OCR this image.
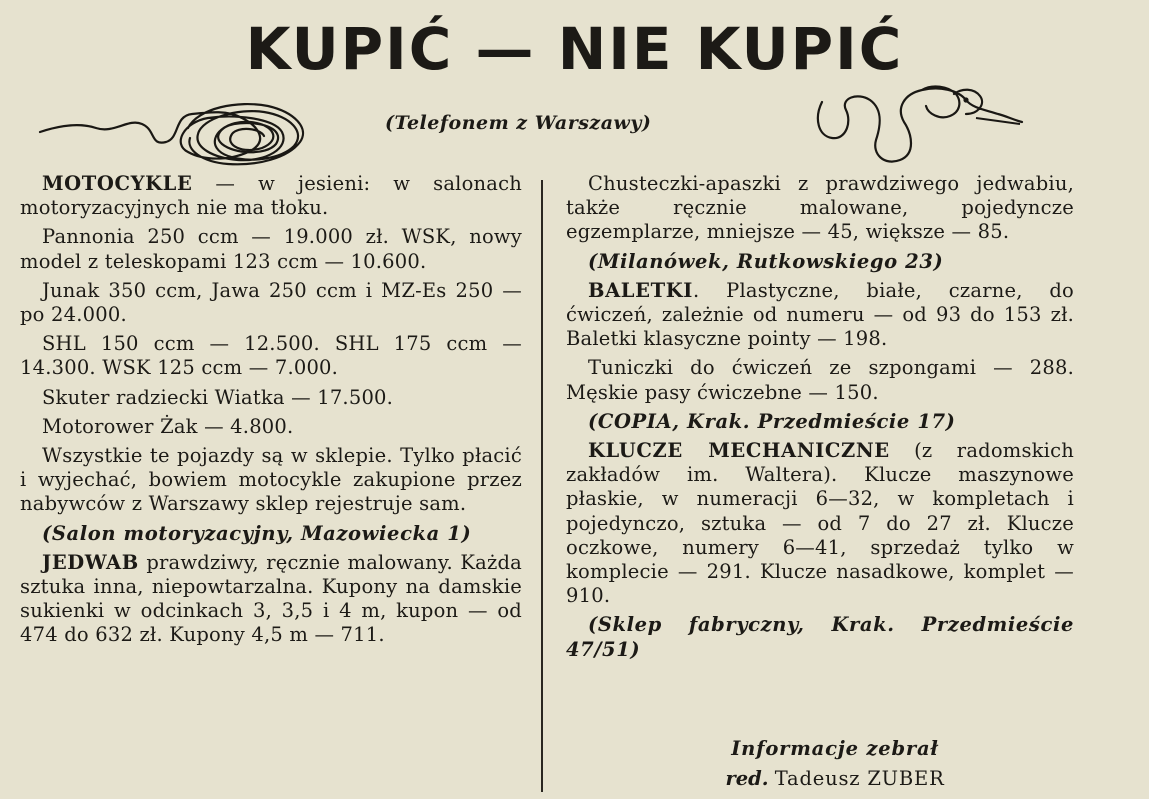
KUPIĆ — NIE KUPIĆ
(Telefonem z Warszawy)

MOTOCYKLE — w jesieni: w salonach motoryzacyjnych nie ma tłoku.

Pannonia 250 ccm — 19.000 zł. WSK, nowy model z teleskopami 123 ccm — 10.600.

Junak 350 ccm, Jawa 250 ccm i MZ-Es 250 — po 24.000.

SHL 150 ccm — 12.500. SHL 175 ccm — 14.300. WSK 125 ccm — 7.000.

Skuter radziecki Wiatka — 17.500.

Motorower Żak — 4.800.

Wszystkie te pojazdy są w sklepie. Tylko płacić i wyjechać, bowiem motocykle zakupione przez nabywców z Warszawy sklep rejestruje sam.

(Salon motoryzacyjny, Mazowiecka 1)

JEDWAB prawdziwy, ręcznie malowany. Każda sztuka inna, niepowtarzalna. Kupony na damskie sukienki w odcinkach 3, 3,5 i 4 m, kupon — od 474 do 632 zł. Kupony 4,5 m — 711.

Chusteczki-apaszki z prawdziwego jedwabiu, także ręcznie malowane, pojedyncze egzemplarze, mniejsze — 45, większe — 85.

(Milanówek, Rutkowskiego 23)

BALETKI. Plastyczne, białe, czarne, do ćwiczeń, zależnie od numeru — od 93 do 153 zł. Baletki klasyczne pointy — 198.

Tuniczki do ćwiczeń ze szpongami — 288. Męskie pasy ćwiczebne — 150.

(COPIA, Krak. Przedmieście 17)

KLUCZE MECHANICZNE (z radomskich zakładów im. Waltera). Klucze maszynowe płaskie, w numeracji 6—32, w kompletach i pojedynczo, sztuka — od 7 do 27 zł. Klucze oczkowe, numery 6—41, sprzedaż tylko w komplecie — 291. Klucze nasadkowe, komplet — 910.

(Sklep fabryczny, Krak. Przedmieście 47/51)

Informacje zebrał
red. Tadeusz ZUBER
